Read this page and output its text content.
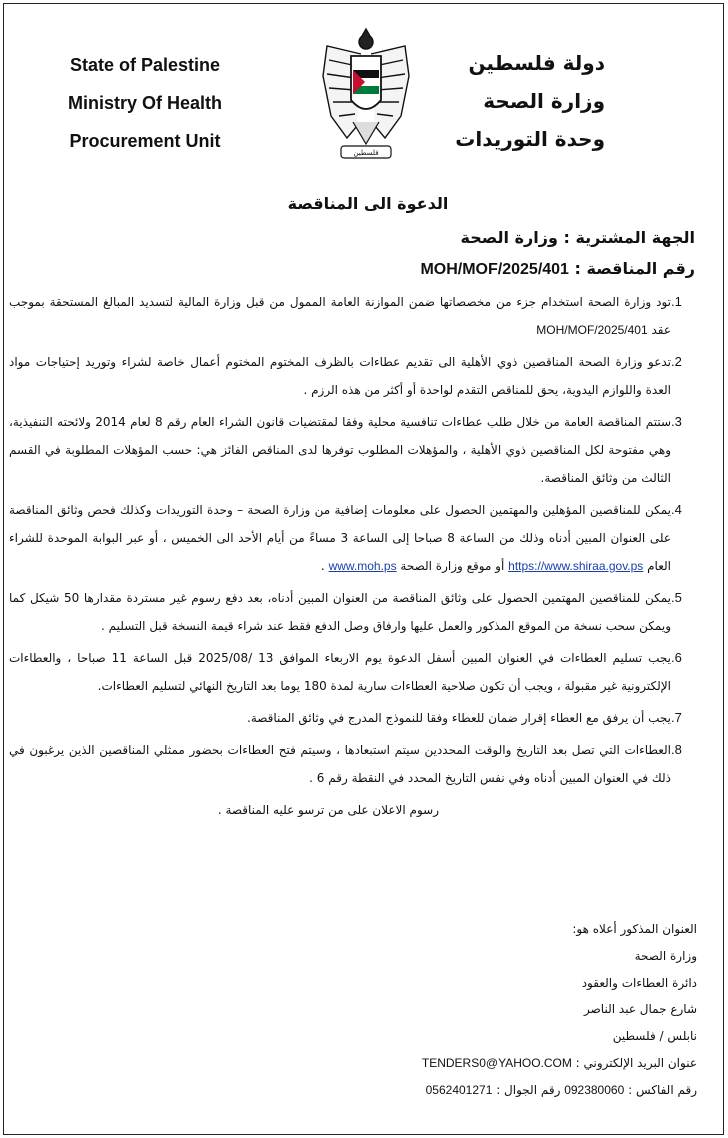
State of Palestine
Ministry Of Health
Procurement Unit
فلسطين
دولة فلسطين
وزارة الصحة
وحدة التوريدات
الدعوة الى المناقصة
الجهة المشترية : وزارة الصحة
رقم المناقصة : MOH/MOF/2025/401
.1
تود وزارة الصحة استخدام جزء من مخصصاتها ضمن الموازنة العامة الممول من قبل وزارة المالية لتسديد المبالغ المستحقة بموجب عقد MOH/MOF/2025/401
.2
تدعو وزارة الصحة المناقصين ذوي الأهلية الى تقديم عطاءات بالظرف المختوم المختوم أعمال خاصة لشراء وتوريد إحتياجات مواد العدة واللوازم اليدوية، يحق للمناقص التقدم لواحدة أو أكثر من هذه الرزم .
.3
ستتم المناقصة العامة من خلال طلب عطاءات تنافسية محلية وفقا لمقتضيات قانون الشراء العام رقم 8 لعام 2014 ولائحته التنفيذية، وهي مفتوحة لكل المناقصين ذوي الأهلية ، والمؤهلات المطلوب توفرها لدى المناقص الفائز هي: حسب المؤهلات المطلوبة في القسم الثالث من وثائق المناقصة.
.4
يمكن للمناقصين المؤهلين والمهتمين الحصول على معلومات إضافية من وزارة الصحة – وحدة التوريدات وكذلك فحص وثائق المناقصة على العنوان المبين أدناه وذلك من الساعة 8 صباحا إلى الساعة 3 مساءً من أيام الأحد الى الخميس ، أو عبر البوابة الموحدة للشراء العام https://www.shiraa.gov.ps أو موقع وزارة الصحة www.moh.ps .
.5
يمكن للمناقصين المهتمين الحصول على وثائق المناقصة من العنوان المبين أدناه، بعد دفع رسوم غير مستردة مقدارها 50 شيكل كما ويمكن سحب نسخة من الموقع المذكور والعمل عليها وارفاق وصل الدفع فقط عند شراء قيمة النسخة قبل التسليم .
.6
يجب تسليم العطاءات في العنوان المبين أسفل الدعوة يوم الاربعاء الموافق 13 /2025/08 قبل الساعة 11 صباحا ، والعطاءات الإلكترونية غير مقبولة ، ويجب أن تكون صلاحية العطاءات سارية لمدة 180 يوما بعد التاريخ النهائي لتسليم العطاءات.
.7
يجب أن يرفق مع العطاء إقرار ضمان للعطاء وفقا للنموذج المدرج في وثائق المناقصة.
.8
العطاءات التي تصل بعد التاريخ والوقت المحددين سيتم استبعادها ، وسيتم فتح العطاءات بحضور ممثلي المناقصين الذين يرغبون في ذلك في العنوان المبين أدناه وفي نفس التاريخ المحدد في النقطة رقم 6 .
رسوم الاعلان على من ترسو عليه المناقصة .
العنوان المذكور أعلاه هو:
وزارة الصحة
دائرة العطاءات والعقود
شارع جمال عبد الناصر
نابلس / فلسطين
عنوان البريد الإلكتروني : TENDERS0@YAHOO.COM
رقم الفاكس : 092380060 رقم الجوال : 0562401271
